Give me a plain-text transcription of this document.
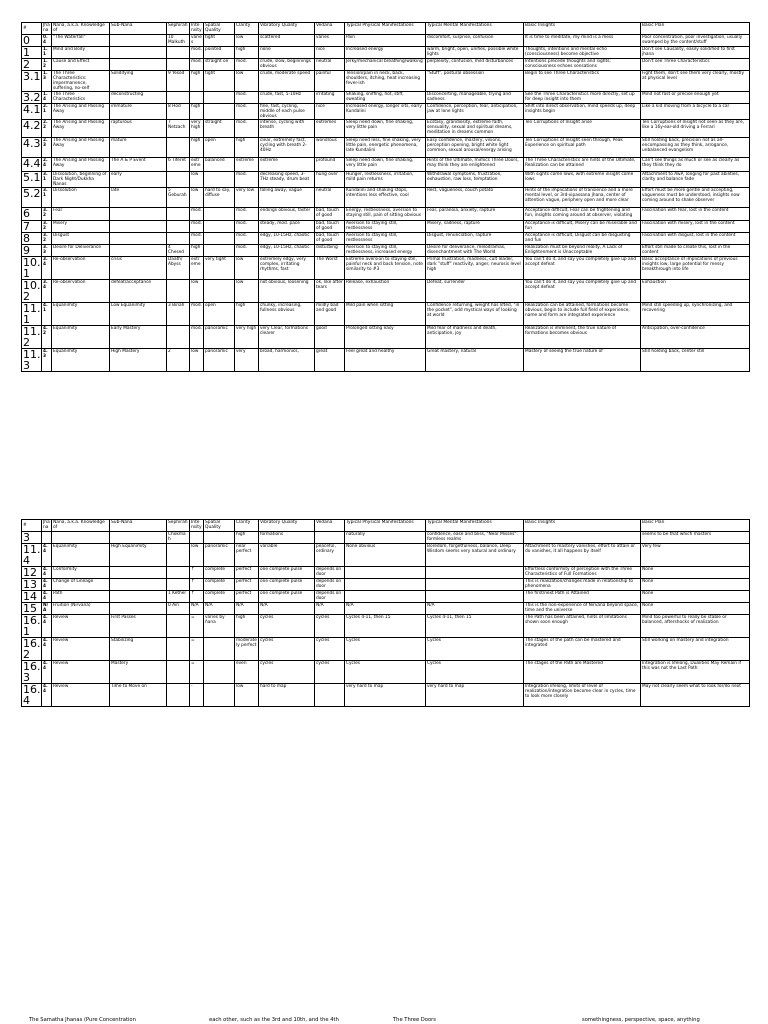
#	Jhana	Ñana, a.k.a. Knowledge of	Sub-Ñana	Sephirah	Intensity	Spatial Quality	Clarity	Vibratory Quality	Vedana	Typical Physical Manifestations	Typical Mental Manifestations	Basic Insights	Basic Plan
0	0.4	"The Waterfall"		10 Malkuth	varies	tight	low	scattered	varies	Pain	discomfort, surprise, confusion	It is time to meditate, my mind is a mess	Poor concentration, poor investigation, usually swamped by the content/stuff
1	1.1	Mind and Body			mod.	pointed	high	none	nice	Increased energy	warm, bright, open, unifies, possible white lights	Thoughts, intentions and mental echo (consciousness) become objective	Don't see Causality, easily solidified to first jhana
2	1.2	Cause and Effect			mod.	straight on	mod.	crude, slow, beginnings obvious	neutral	Jerky/mechanical breathing/walking	perplexity, confusion, mild disturbances	Intentions precede thoughts and sights; consciousness echoes sensations	Don't see Three Characteristics
3.1	1.3	The Three Characteristics: impermanence, suffering, no-self	Solidifying	9 Yesod	high	tight	low	crude, moderate speed	painful	Tension/pain in neck, back, shoulders, itching, heat increasing fever-ish	"Stuff", postural obsession	Begin to see Three Characteristics	Fight them, don't see them very clearly, mostly at physical level
3.2	1.4	The Three Characteristics	deconstructing				mod.	crude, fast, 5-10Hz	irritating	Shaking, sniffing, hot, stiff, sweating	Disconcerting, manageable, trying and sadness	See the Three Characteristics more directly, set up for deep insight into them	Mind not fast or precise enough yet
4.1	2.1	The Arising and Passing Away	immature	8 Hod	high		mod.	fine, fast, cycling, middle of each pulse obvious	nice	Increased energy, longer sits, early Kundalini	Confidence, perception, fear, anticipation, jaw at lone lights	Shift into direct observation, mind speeds up, deep insights begin	Like a kid moving from a bicycle to a car
4.2	2.2	The Arising and Passing Away	rapturous	7 Netzach	very high	straight	mod.	intense, cycling with breath	extremes	Sleep need down, fine shaking, very little pain	Ecstasy, grandiosity, extreme faith, sensuality, sexual and spiritual dreams, meditation in dreams common	Ten Corruptions of Insight arise	Ten Corruptions of Insight not seen as they are, like a 16y-ear-old driving a Ferrari
4.3	2.3	The Arising and Passing Away	mature		high	open	high	clear, extremely fast, cycling with breath 2-40Hz	wondrous	Sleep need less, fine shaking, very little pain, energetic phenomena, late Kundalini	Easy confidence, mastery, visions, perception opening, bright white light common, sexual arousal/energy arising	Ten Corruptions of Insight seen through, Peak Experience on spiritual path	Still holding back, precision not as all-encompassing as they think, arrogance, unbalanced evangelism
4.4	2.4	The Arising and Passing Away	The A & P Event	6 Tiferet	extreme	balanced	extreme	extreme	profound	Sleep need down, fine shaking, very little pain	Hints of the Ultimate, mimics Three Doors, may think they are enlightened	The Three Characteristics are hints of the Ultimate, Realization can be attained	Can't see things as much or see as clearly as they think they do
5.1	3.1	Dissolution, beginning of Dark Night/Dukkha Ñanas	early		low		mod.	decreasing speed, 3-7Hz steady, drum beat	hung over	Hunger, restlessness, irritation, mild pain returns	Withdrawal symptoms, frustration, exhaustion, raw loss, temptation	With sights come lows, with extreme insight come lows	Attachment to A&P, longing for past abilities, clarity and balance fade
5.2	3.1	Dissolution	late	5 Geburah	low	hard to say, diffuse	very low	falling away, vague	neutral	Kundalini and shaking stops, intentions less effective, cool	Rest, vagueness, couch potato	Hints of the implications of transience and a more mental level, or 3rd-vipassana jhana, center of attention vague, periphery open and more clear	Effort must be more gentle and accepting, vagueness must be understood, insights now coming around to shake observer
6	3.2	Fear			mod.		mod.	endings obvious, faster	bad, touch of good	Energy, restlessness, aversion to staying still, pain of sitting obvious	Fear, paranoia, anxiety, rapture	Acceptance difficult, Fear can be frightening and fun, insights coming around at observer, violating	Fascination with fear, lost in the content
7	3.2	Misery			mod.		mod.	steady, mod. pace	bad, touch of good	Aversion to staying still, restlessness	Misery, sadness, rapture	Acceptance is difficult, Misery can be miserable and fun	Fascination with misery, lost in the content
8	3.2	Disgust			mod.		mod.	edgy, 10-15Hz, chaotic	bad, touch of good	Aversion to staying still, restlessness	Disgust, renunciation, rapture	Acceptance is difficult, Disgust can be disgusting and fun	Fascination with disgust, lost in the content
9	3.3	Desire for Deliverance		4 Chesed	high		mod.	edgy, 10-15Hz, chaotic	disturbing	Aversion to staying still, restlessness, increased energy	Desire for deliverance, melodramas, disenchantment with The World	Realization must be beyond reality, A Lack of Enlightenment is Unacceptable	Effort still made to create this, lost in the content
10.1	3.4	Re-observation	crisis	Daath/ Abyss	extreme	very tight	low	extremely edgy, very complex, irritating rhythms, fast	The Worst	Extreme aversion to staying still, painful neck and back tension, note similarity to #3	Primal frustration, madness, cult leader, dark "stuff" reactivity, anger, neurosis level high	You can't do it, and say you completely give up and accept defeat	Basic acceptance of implications of previous insights low, large potential for messy breakthrough into life
10.2	3.4	Re-observation	defeat/acceptance		low		low	not obvious, loosening	ok, like after tears	Release, exhaustion	Defeat, surrender	You can't do it, and say you completely give up and accept defeat	Exhaustion
11.1	4.1	Equanimity	Low Equanimity	3 Binah	mod.	open	high	chunky, increasing, fullness obvious	mildly bad and good	Mild pain when sitting	Confidence returning, weight has lifted, "in the pocket", odd mystical ways of looking at world	Realization can be attained, formations become obvious, begin to include full field of experience, name and form are integrated experience	Mind still speeding up, synchronizing, and recovering
11.2	4.2	Equanimity	Early Mastery		mod.	panoramic	very high	very Clear, formations clearer	good	Prolonged sitting easy	Mild fear of madness and death, anticipation, joy	Realization is imminent, the true nature of formations becomes obvious	Anticipation, over-confidence
11.3	4.3	Equanimity	High Mastery	2	low	panoramic	very	broad, harmonics,	great	Feel great and healthy	Great mastery, natural	Mastery of seeing the true nature of	Still holding back, center still
#	Jhana	Ñana, a.k.a. Knowledge of	Sub-Ñana	Sephirah	Intensity	Spatial Quality	Clarity	Vibratory Quality	Vedana	Typical Physical Manifestations	Typical Mental Manifestations	Basic Insights	Basic Plan
3				Chokmah			high	formations		naturally	confidence, ease and bliss, "Near Misses": formless realms		seems to be that which masters
11.4	4.4	Equanimity	High Equanimity		low	panoramic	near perfect	variable	peaceful, ordinary	None obvious	Boredom, forgetfulness, balance, Deep Wisdom seems very natural and ordinary	Attachment to mastery vanishes, effort to attain or do vanishes, it all happens by itself	Very few
12	4.4	Conformity			↑	complete	perfect	one complete pulse	depends on door			Effortless conformity of perception with the Three Characteristics of Full Formations	None
13	4.4	Change of Lineage			↑	complete	perfect	one complete pulse	depends on door			This is realization/changes made in relationship to phenomena	None
14	4.4	Path		1 Kether	↑	complete	perfect	one complete pulse	depends on door			The first/next Path is Attained	None
15	N/A	Fruition (Nirvana)		0 Ain	N/A	N/A	N/A	N/A	N/A	N/A	N/A	This is the non-experience of Nirvana beyond space, time and the universe	None
16.1	4.4	Review	First Passes		=	varies by ñana	high	cycles	cycles	Cycles 4-11, then 15	Cycles 4-11, then 15	The Path has been attained, hints of limitations shown soon enough	Mind too powerful to really be stable or balanced, aftershocks of realization
16.2	4.4	Review	Stabilizing		=		moderately perfect	cycles	cycles	Cycles	Cycles	The stages of the path can be mastered and integrated	Still working on mastery and integration
16.3	4.4	Review	Mastery		=		even	cycles	cycles	Cycles	Cycles	The stages of the Path are Mastered	Integration is lifelong, Dualities May Remain if this was not the Last Path
16.4	4.4	Review	Time to Move on		-		low	hard to map		very hard to map	very hard to map	Integration lifelong, limits of level of realization/integration become clear in cycles, time to look more closely	May not clearly seem what to look for/do next
The Samatha Jhanas (Pure Concentration	each other, such as the 3rd and 10th, and the 4th	The Three Doors	somethingness, perspective, space, anything
